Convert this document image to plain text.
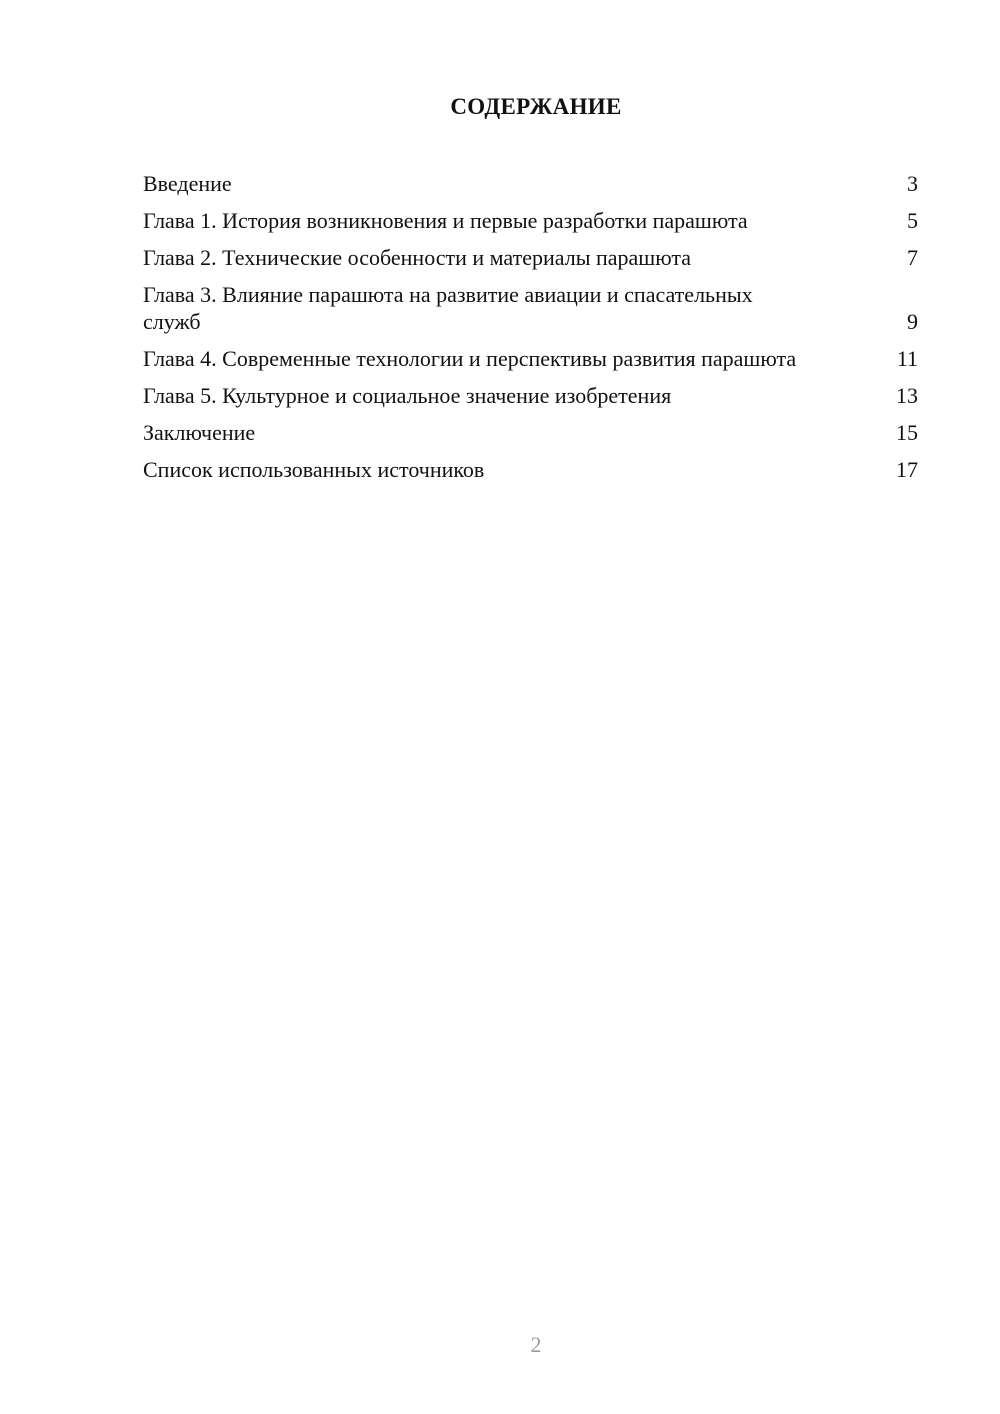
СОДЕРЖАНИЕ
Введение	3
Глава 1. История возникновения и первые разработки парашюта	5
Глава 2. Технические особенности и материалы парашюта	7
Глава 3. Влияние парашюта на развитие авиации и спасательных служб	9
Глава 4. Современные технологии и перспективы развития парашюта	11
Глава 5. Культурное и социальное значение изобретения	13
Заключение	15
Список использованных источников	17
2
